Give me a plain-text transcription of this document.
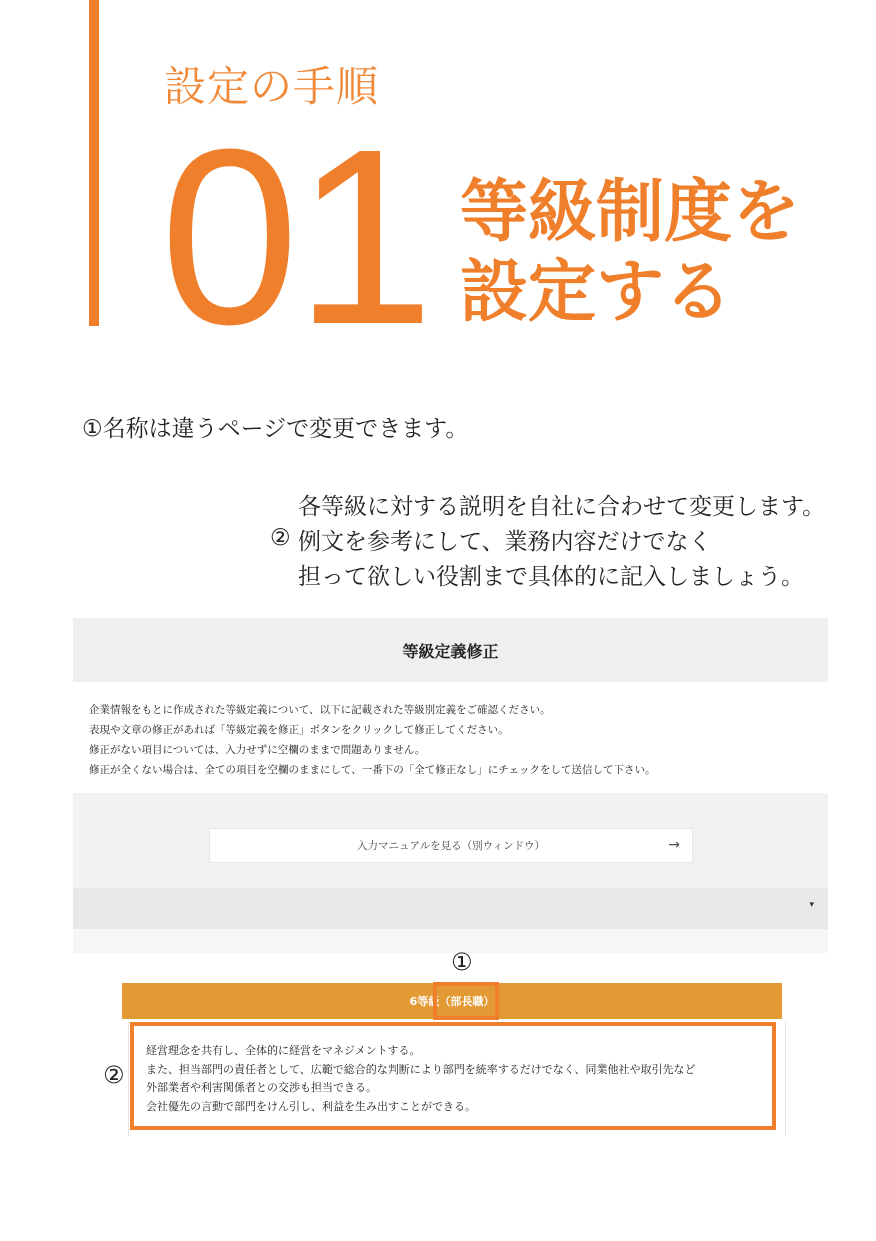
設定の手順
01 等級制度を
設定する
①名称は違うページで変更できます。
②
各等級に対する説明を自社に合わせて変更します。
例文を参考にして、業務内容だけでなく
担って欲しい役割まで具体的に記入しましょう。
等級定義修正
企業情報をもとに作成された等級定義について、以下に記載された等級別定義をご確認ください。
表現や文章の修正があれば「等級定義を修正」ボタンをクリックして修正してください。
修正がない項目については、入力せずに空欄のままで問題ありません。
修正が全くない場合は、全ての項目を空欄のままにして、一番下の「全て修正なし」にチェックをして送信して下さい。
入力マニュアルを見る（別ウィンドウ）	→
▾
①
6等級（部長職）
②
経営理念を共有し、全体的に経営をマネジメントする。
また、担当部門の責任者として、広範で総合的な判断により部門を統率するだけでなく、同業他社や取引先など
外部業者や利害関係者との交渉も担当できる。
会社優先の言動で部門をけん引し、利益を生み出すことができる。
